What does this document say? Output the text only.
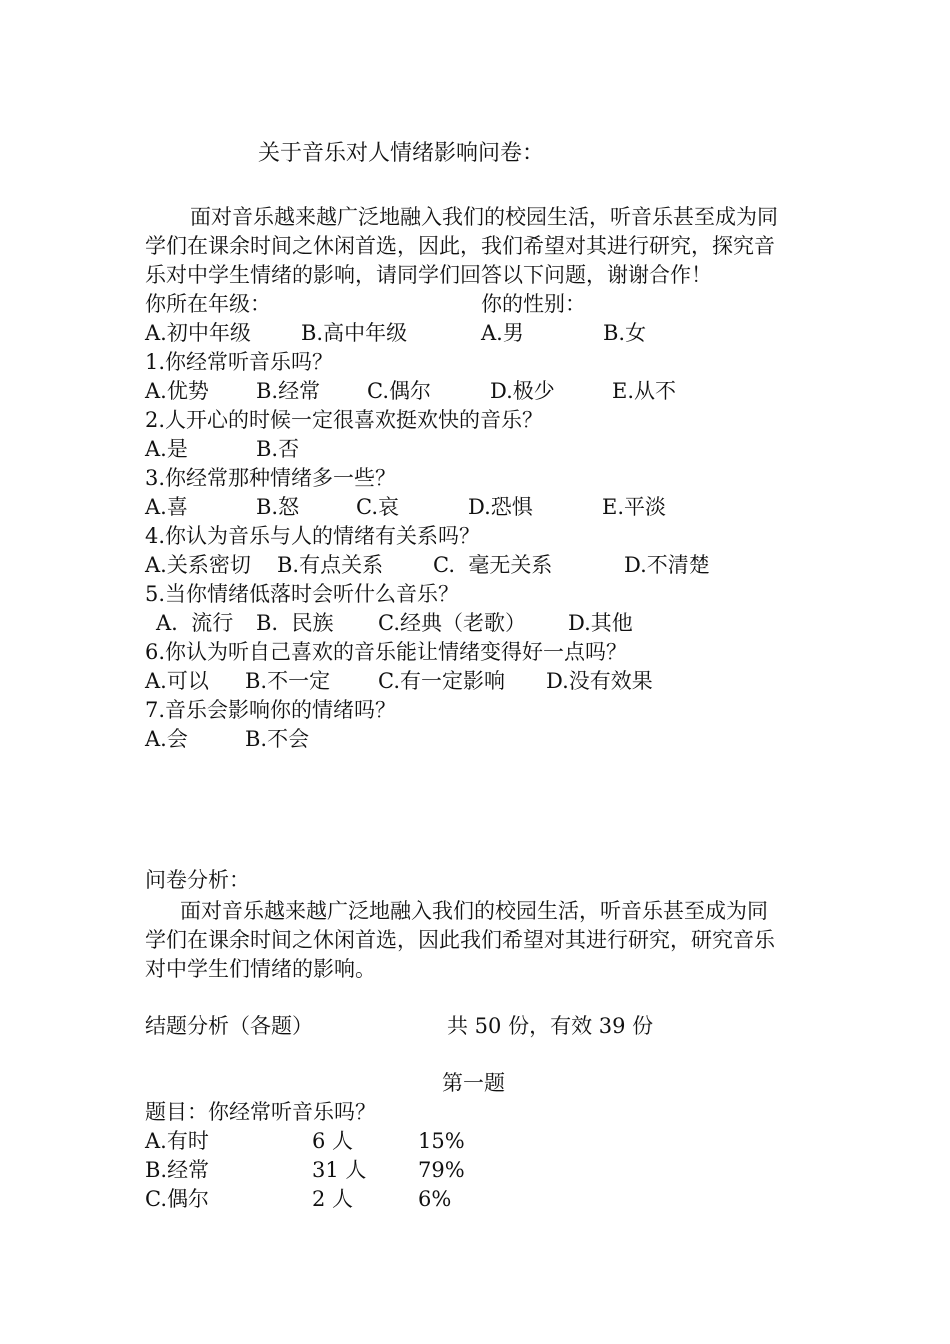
关于音乐对人情绪影响问卷：
面对音乐越来越广泛地融入我们的校园生活，听音乐甚至成为同
学们在课余时间之休闲首选，因此，我们希望对其进行研究，探究音
乐对中学生情绪的影响，请同学们回答以下问题，谢谢合作！
你所在年级：	你的性别：
A.初中年级 B.高中年级	A.男	B.女
1.你经常听音乐吗？
A.优势 B.经常 C.偶尔	D.极少	E.从不
2.人开心的时候一定很喜欢挺欢快的音乐？
A.是	B.否
3.你经常那种情绪多一些？
A.喜	B.怒	C.哀	D.恐惧	E.平淡
4.你认为音乐与人的情绪有关系吗？
A.关系密切 B.有点关系 C.  毫无关系	D.不清楚
5.当你情绪低落时会听什么音乐？
A.  流行 B.  民族 C.经典（老歌） D.其他
6.你认为听自己喜欢的音乐能让情绪变得好一点吗？
A.可以 B.不一定 C.有一定影响 D.没有效果
7.音乐会影响你的情绪吗？
A.会	B.不会
问卷分析：
面对音乐越来越广泛地融入我们的校园生活，听音乐甚至成为同
学们在课余时间之休闲首选，因此我们希望对其进行研究，研究音乐
对中学生们情绪的影响。
结题分析（各题）	共 50 份，有效 39 份
第一题
题目：你经常听音乐吗？
A.有时	6 人	15%
B.经常	31 人 79%
C.偶尔	2 人	6%
